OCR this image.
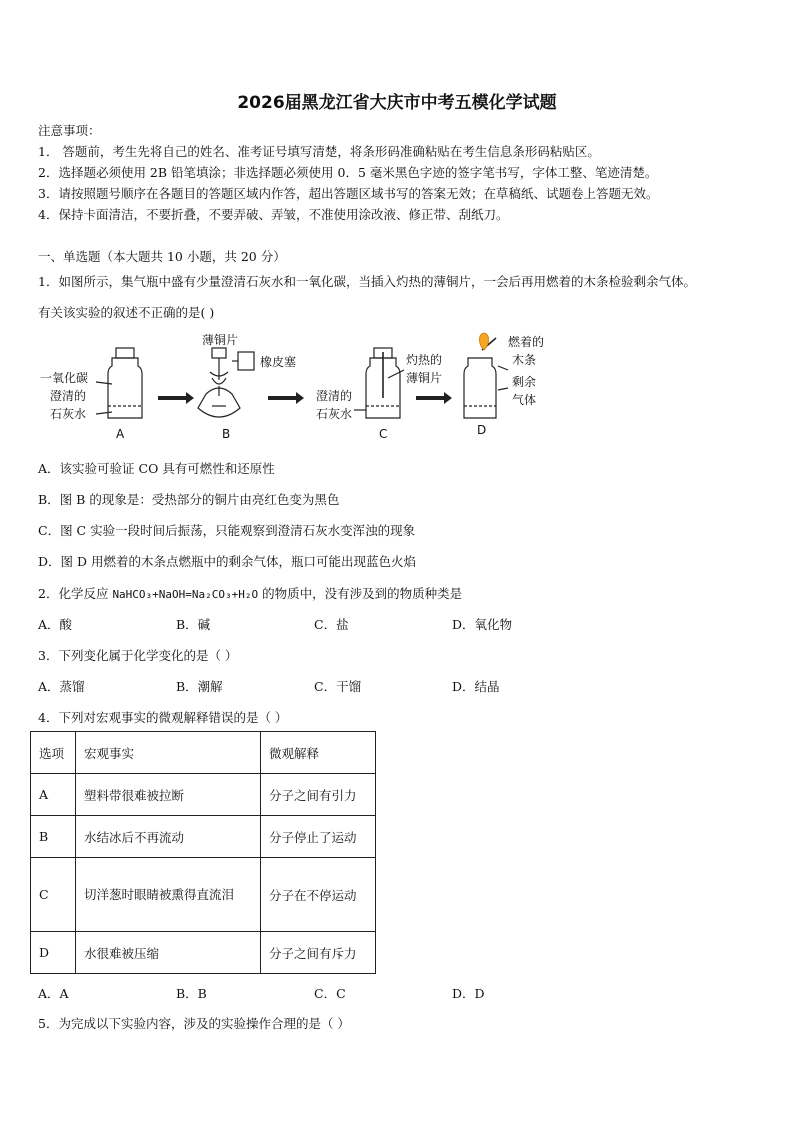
2026届黑龙江省大庆市中考五模化学试题
注意事项：
1． 答题前，考生先将自己的姓名、准考证号填写清楚，将条形码准确粘贴在考生信息条形码粘贴区。
2．选择题必须使用 2B 铅笔填涂；非选择题必须使用 0．5 毫米黑色字迹的签字笔书写，字体工整、笔迹清楚。
3．请按照题号顺序在各题目的答题区域内作答，超出答题区域书写的答案无效；在草稿纸、试题卷上答题无效。
4．保持卡面清洁，不要折叠，不要弄破、弄皱，不准使用涂改液、修正带、刮纸刀。
一、单选题（本大题共 10 小题，共 20 分）
1．如图所示，集气瓶中盛有少量澄清石灰水和一氧化碳，当插入灼热的薄铜片，一会后再用燃着的木条检验剩余气体。
有关该实验的叙述不正确的是( )
一氧化碳
澄清的
石灰水
薄铜片
橡皮塞	灼热的
薄铜片
澄清的
石灰水
燃着的
木条
剩余
气体
A	B	C	D
A．该实验可验证 CO 具有可燃性和还原性
B．图 B 的现象是：受热部分的铜片由亮红色变为黑色
C．图 C 实验一段时间后振荡，只能观察到澄清石灰水变浑浊的现象
D．图 D 用燃着的木条点燃瓶中的剩余气体，瓶口可能出现蓝色火焰
2．化学反应 NaHCO₃+NaOH=Na₂CO₃+H₂O 的物质中，没有涉及到的物质种类是
A．酸	B．碱	C．盐	D．氧化物
3．下列变化属于化学变化的是（ ）
A．蒸馏	B．潮解	C．干馏	D．结晶
4．下列对宏观事实的微观解释错误的是（ ）
选项	宏观事实	微观解释
A	塑料带很难被拉断	分子之间有引力
B	水结冰后不再流动	分子停止了运动
C	切洋葱时眼睛被熏得直流泪	分子在不停运动
D	水很难被压缩	分子之间有斥力
A．A	B．B	C．C	D．D
5．为完成以下实验内容，涉及的实验操作合理的是（ ）
